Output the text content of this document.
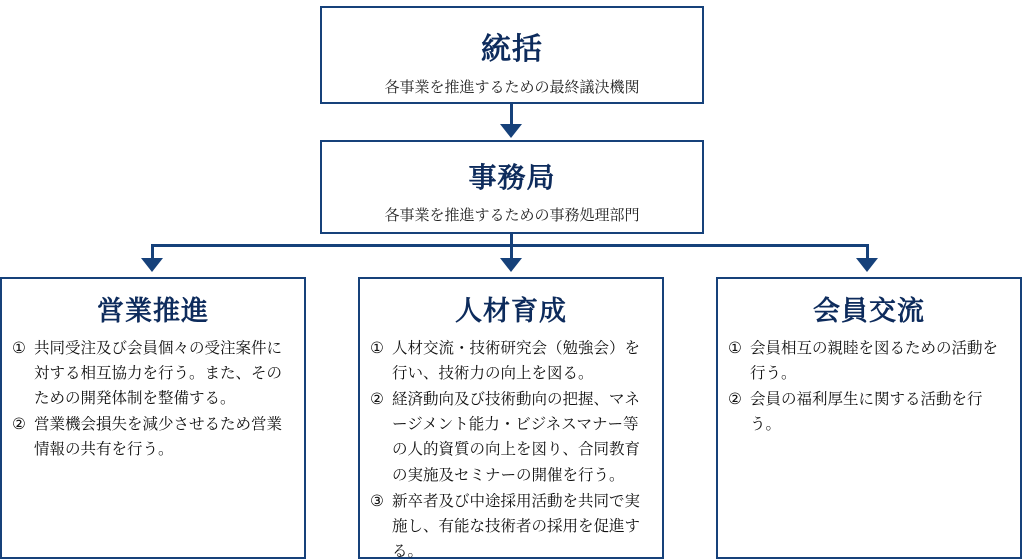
統括
各事業を推進するための最終議決機関
事務局
各事業を推進するための事務処理部門
営業推進
① 共同受注及び会員個々の受注案件に対する相互協力を行う。また、そのための開発体制を整備する。
② 営業機会損失を減少させるため営業情報の共有を行う。
人材育成
① 人材交流・技術研究会（勉強会）を行い、技術力の向上を図る。
② 経済動向及び技術動向の把握、マネージメント能力・ビジネスマナー等の人的資質の向上を図り、合同教育の実施及セミナーの開催を行う。
③ 新卒者及び中途採用活動を共同で実施し、有能な技術者の採用を促進する。
会員交流
① 会員相互の親睦を図るための活動を行う。
② 会員の福利厚生に関する活動を行う。
